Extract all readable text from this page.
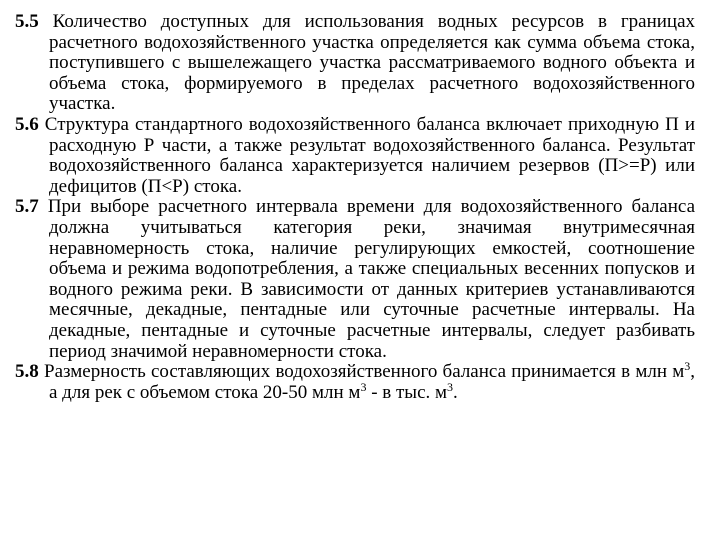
5.5 Количество доступных для использования водных ресурсов в границах расчетного водохозяйственного участка определяется как сумма объема стока, поступившего с вышележащего участка рассматриваемого водного объекта и объема стока, формируемого в пределах расчетного водохозяйственного участка.

5.6 Структура стандартного водохозяйственного баланса включает приходную П и расходную Р части, а также результат водохозяйственного баланса. Результат водохозяйственного баланса характеризуется наличием резервов (П>=Р) или дефицитов (П<Р) стока.

5.7 При выборе расчетного интервала времени для водохозяйственного баланса должна учитываться категория реки, значимая внутримесячная неравномерность стока, наличие регулирующих емкостей, соотношение объема и режима водопотребления, а также специальных весенних попусков и водного режима реки. В зависимости от данных критериев устанавливаются месячные, декадные, пентадные или суточные расчетные интервалы. На декадные, пентадные и суточные расчетные интервалы, следует разбивать период значимой неравномерности стока.

5.8 Размерность составляющих водохозяйственного баланса принимается в млн $м^3$, а для рек с объемом стока 20-50 млн $м^3$ - в тыс. $м^3$.
